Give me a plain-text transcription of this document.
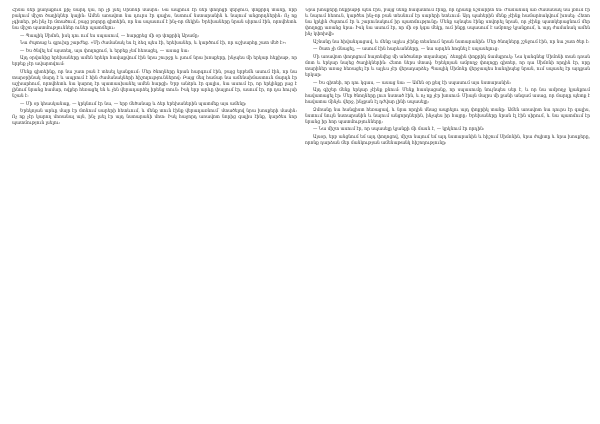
Հիմա մեր քաղաքում քիչ մարդ կա, որ չի լսել Սիմոնի մասին։ Նա ապրում էր մեր փողոցի վերջում, փոքրիկ տանը, որի բակում միշտ ծաղիկներ կային։ Ամեն առավոտ նա դուրս էր գալիս, նստում նստարանին և նայում անցորդներին։ Ոչ ոք չգիտեր, թե ինչ էր մտածում, բայց բոլորը գիտեին, որ նա սպասում է ինչ-որ մեկին։ Երեխաները նրան սիրում էին, որովհետև նա միշտ պատմություններ ուներ պատմելու։

— Պապիկ Սիմոն, իսկ դու ում ես սպասում, — հարցրեց մի օր փոքրիկ Արամը։

Նա ժպտաց և գլուխը շարժեց. «Մի ժամանակ ես էլ ձեզ պես էի, երեխաներ, և կարծում էի, որ աշխարհը շատ մեծ է»։

— Ես ծնվել եմ այստեղ, այս փողոցում, և երբեք չեմ հեռացել, — ասաց նա։

Այդ օրվանից երեխաները ամեն երեկո հավաքվում էին նրա շուրջը և լսում նրա խոսքերը, ինչպես մի երկար հեքիաթ, որ երբեք չէր ավարտվում։

Մենք գիտեինք, որ նա շատ բան է տեսել կյանքում։ Մեր ծնողները նրան հարգում էին, բայց երբեմն ասում էին, որ նա տարօրինակ մարդ է և ապրում է հին ժամանակների հիշողություններով։ Բայց մեզ համար նա ամենաիմաստուն մարդն էր աշխարհում, որովհետև նա կարող էր պատասխանել ամեն հարցի։ Երբ անձրև էր գալիս, նա ասում էր, որ երկինքը լաց է լինում նրանց համար, ովքեր հեռացել են և չեն վերադարձել իրենց տուն։ Իսկ երբ արևը փայլում էր, ասում էր, որ դա հույսի նշան է։

— Մի օր կհասկանաք, — կրկնում էր նա, — երբ մեծանաք և ձեր երեխաներին պատմեք այս ամենը։

Երեկոյան արևը մայր էր մտնում սարերի հետևում, և մենք տուն էինք վերադառնում՝ մտածելով նրա խոսքերի մասին։ Ոչ ոք չէր կարող մոռանալ այն, ինչ լսել էր այդ նստարանի մոտ։ Իսկ հաջորդ առավոտ նորից գալիս էինք, կարծես նոր պատմություն լսելու։

Նրա խոսքերը հեքիաթի պես էին, բայց մենք հավատում էինք, որ դրանք ճշմարիտ են։ Ժամանակ առ ժամանակ նա լռում էր և նայում հեռուն, կարծես ինչ-որ բան տեսնում էր սարերի ետևում։ Այդ պահերին մենք չէինք համարձակվում խոսել։ Հետո նա կրկին ժպտում էր և շարունակում իր պատմությունը։ Մենք այնպես էինք սովորել նրան, որ չէինք պատկերացնում մեր փողոցը առանց նրա։ Իսկ նա ասում էր, որ մի օր կգա մեկը, ում ինքը սպասում է ամբողջ կյանքում, և այդ ժամանակ ամեն ինչ կփոխվի։

Աշնանը նա հիվանդացավ, և մենք այլևս չէինք տեսնում նրան նստարանին։ Մեր ծնողները շշնջում էին, որ նա շատ ծեր է։

— Շատ չի մնացել, — ասում էին հարևանները, — նա արդեն հոգնել է սպասելուց։

Մի առավոտ փողոցում հայտնվեց մի անծանոթ տղամարդ՝ ձեռքին փոքրիկ ճամպրուկ։ Նա կանգնեց Սիմոնի տան դռան մոտ և երկար նայեց ծաղիկներին։ Հետո ներս մտավ։ Երեկոյան ամբողջ փողոցը գիտեր, որ դա Սիմոնի որդին էր, որը տարիներ առաջ հեռացել էր և այլևս չէր վերադարձել։ Պապիկ Սիմոնը վերջապես հանդիպեց նրան, ում սպասել էր այդքան երկար։

— Ես գիտեի, որ դու կգաս, — ասաց նա։ — Ամեն օր քեզ էի սպասում այս նստարանին։

Այդ գիշեր մենք երկար չէինք քնում։ Մենք հասկացանք, որ սպասումը նույնպես սեր է, և որ նա ամբողջ կյանքում հավատացել էր։ Մեր ծնողները լուռ նստած էին, և ոչ ոք չէր խոսում։ Միայն մայրս մի քանի անգամ ասաց, որ մարդը պետք է հավատա մինչև վերջ, ինչքան էլ դժվար լինի սպասելը։

Ձմռանը նա հանգիստ հեռացավ, և նրա որդին մնաց ապրելու այդ փոքրիկ տանը։ Ամեն առավոտ նա դուրս էր գալիս, նստում նույն նստարանին և նայում անցորդներին, ինչպես իր հայրը։ Երեխաները նրան էլ էին սիրում, և նա պատմում էր նրանց իր հոր պատմությունները։

— Նա միշտ ասում էր, որ սպասելը կյանքի մի մասն է, — կրկնում էր որդին։

Այսօր, երբ անցնում եմ այդ փողոցով, միշտ նայում եմ այդ նստարանին և հիշում Սիմոնին, նրա ժպիտը և նրա խոսքերը, որոնք դարձան մեր մանկության ամենաթանկ հիշողությունը։
